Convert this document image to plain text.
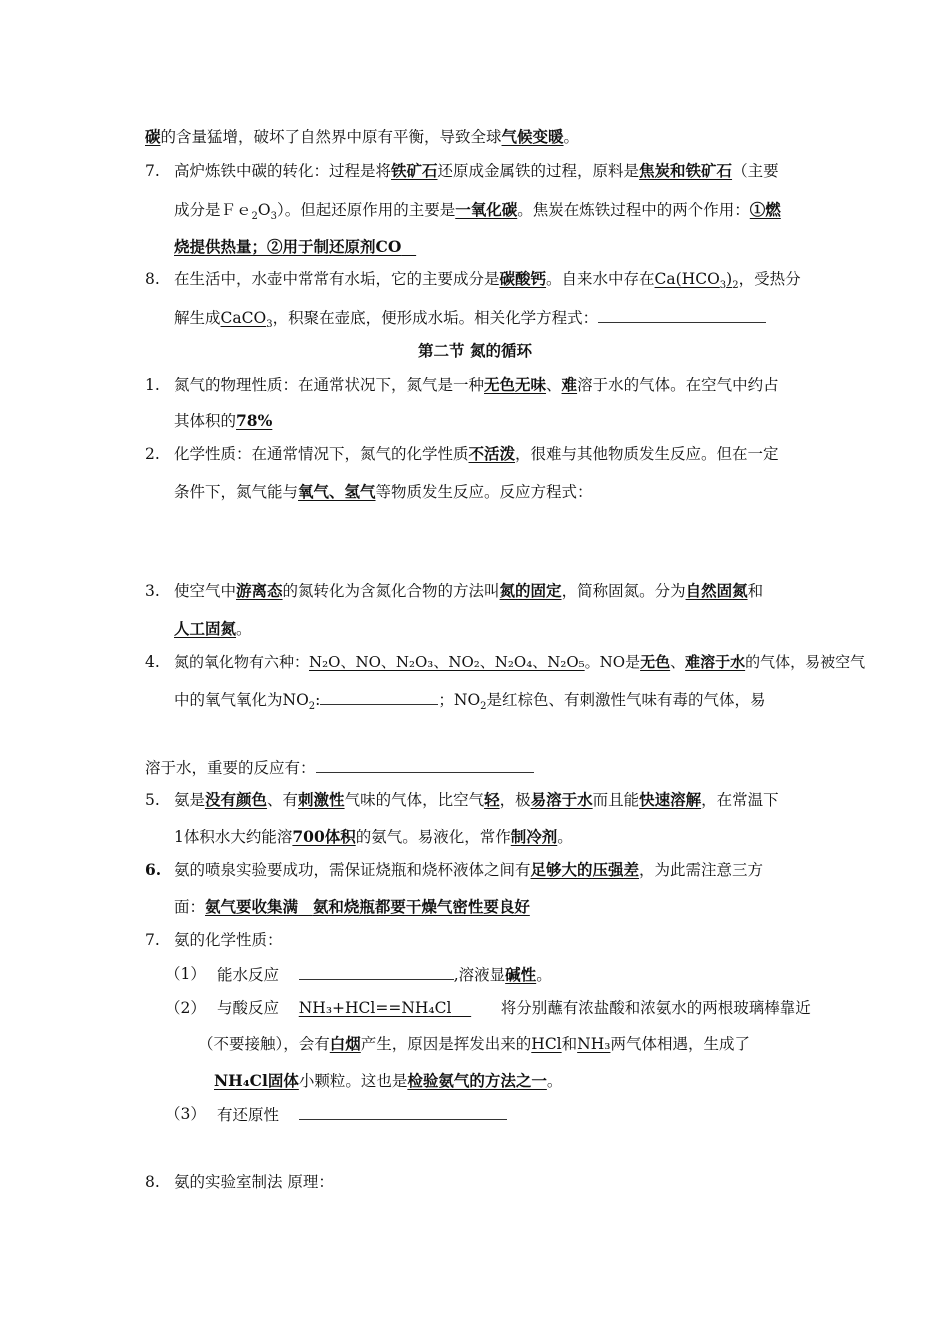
碳的含量猛增，破坏了自然界中原有平衡，导致全球气候变暖。
7. 高炉炼铁中碳的转化：过程是将铁矿石还原成金属铁的过程，原料是焦炭和铁矿石（主要
成分是$Fe_2O_3$）。但起还原作用的主要是一氧化碳。焦炭在炼铁过程中的两个作用：①燃
烧提供热量；②用于制还原剂CO
8. 在生活中，水壶中常常有水垢，它的主要成分是碳酸钙。自来水中存在$Ca(HCO_3)_2$，受热分
解生成CaCO$_3$，积聚在壶底，便形成水垢。相关化学方程式：
第二节 氮的循环
1. 氮气的物理性质：在通常状况下，氮气是一种无色无味、难溶于水的气体。在空气中约占
其体积的78%
2. 化学性质：在通常情况下，氮气的化学性质不活泼，很难与其他物质发生反应。但在一定
条件下，氮气能与氧气、氢气等物质发生反应。反应方程式：
3. 使空气中游离态的氮转化为含氮化合物的方法叫氮的固定，简称固氮。分为自然固氮和
人工固氮。
4. 氮的氧化物有六种：N₂O、NO、N₂O₃、NO₂、N₂O₄、N₂O₅。NO是无色、难溶于水的气体，易被空气
中的氧气氧化为$NO_2$:	；$NO_2$是红棕色、有刺激性气味有毒的气体，易
溶于水，重要的反应有：
5. 氨是没有颜色、有刺激性气味的气体，比空气轻，极易溶于水而且能快速溶解，在常温下
1体积水大约能溶700体积的氨气。易液化，常作制冷剂。
6. 氨的喷泉实验要成功，需保证烧瓶和烧杯液体之间有足够大的压强差，为此需注意三方
面：氨气要收集满 氨和烧瓶都要干燥气密性要良好
7. 氨的化学性质：
（1） 能水反应	,溶液显碱性。
（2） 与酸反应 NH₃+HCl==NH₄Cl	将分别蘸有浓盐酸和浓氨水的两根玻璃棒靠近
（不要接触），会有白烟产生，原因是挥发出来的HCl和NH₃两气体相遇，生成了
NH₄Cl固体小颗粒。这也是检验氨气的方法之一。
（3） 有还原性
8. 氨的实验室制法 原理：
